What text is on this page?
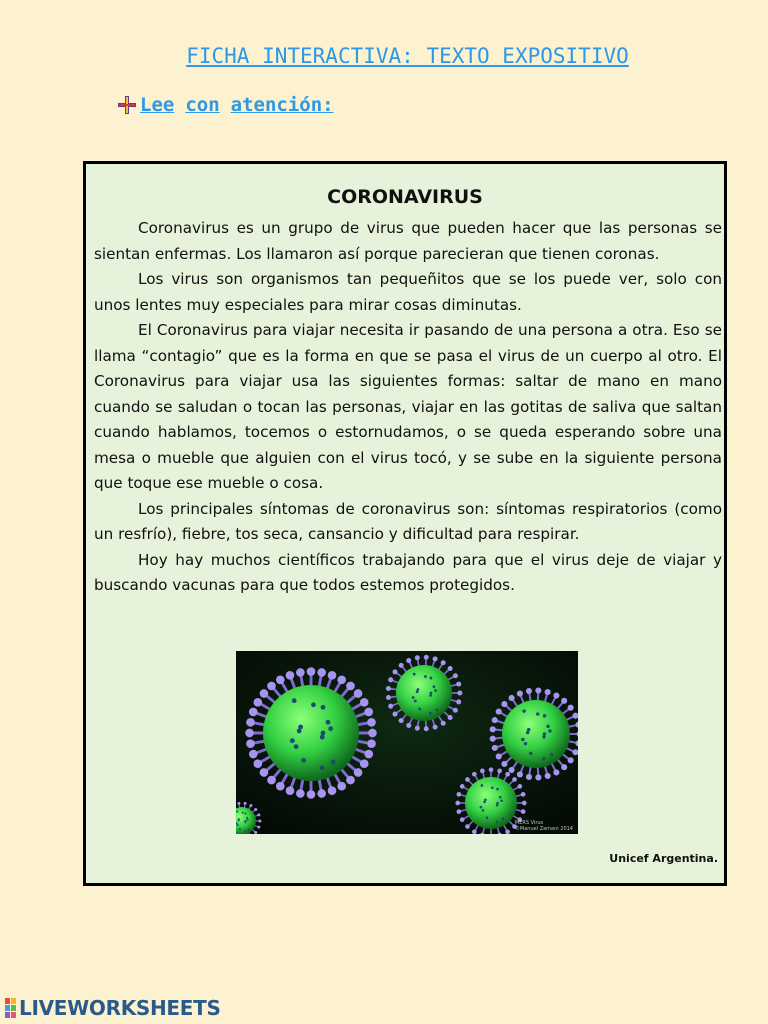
FICHA INTERACTIVA: TEXTO EXPOSITIVO
Lee con atención:
CORONAVIRUS

Coronavirus es un grupo de virus que pueden hacer que las personas se sientan enfermas. Los llamaron así porque parecieran que tienen coronas.

Los virus son organismos tan pequeñitos que se los puede ver, solo con unos lentes muy especiales para mirar cosas diminutas.

El Coronavirus para viajar necesita ir pasando de una persona a otra. Eso se llama “contagio” que es la forma en que se pasa el virus de un cuerpo al otro. El Coronavirus para viajar usa las siguientes formas: saltar de mano en mano cuando se saludan o tocan las personas, viajar en las gotitas de saliva que saltan cuando hablamos, tocemos o estornudamos, o se queda esperando sobre una mesa o mueble que alguien con el virus tocó, y se sube en la siguiente persona que toque ese mueble o cosa.

Los principales síntomas de coronavirus son: síntomas respiratorios (como un resfrío), fiebre, tos seca, cansancio y dificultad para respirar.

Hoy hay muchos científicos trabajando para que el virus deje de viajar y buscando vacunas para que todos estemos protegidos.

MERS Virus
©Manuel Zamani 2014
Unicef Argentina.
LIVEWORKSHEETS
